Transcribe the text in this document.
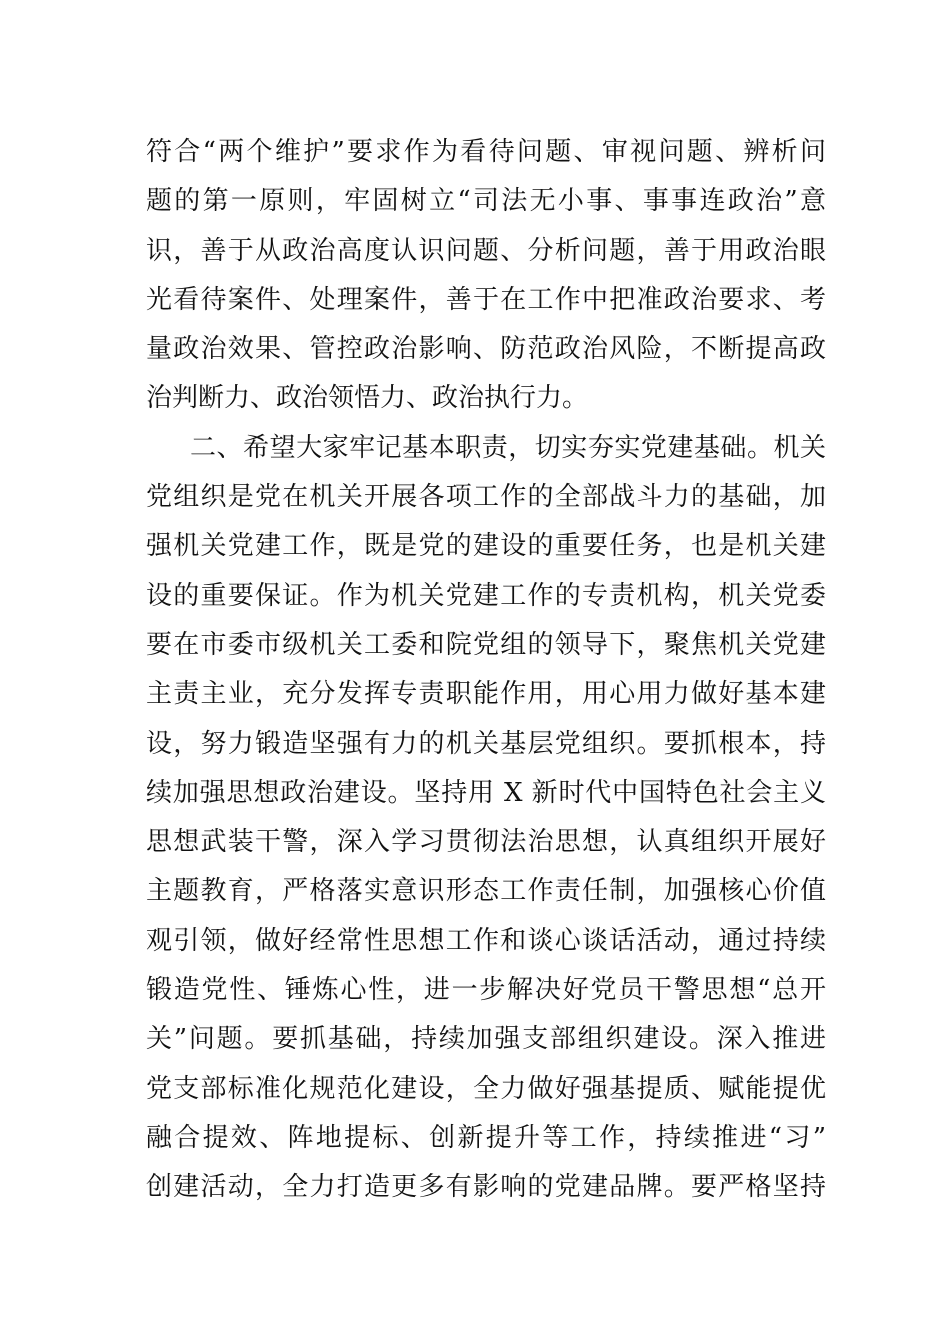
符合“两个维护”要求作为看待问题、审视问题、辨析问
题的第一原则，牢固树立“司法无小事、事事连政治”意
识，善于从政治高度认识问题、分析问题，善于用政治眼
光看待案件、处理案件，善于在工作中把准政治要求、考
量政治效果、管控政治影响、防范政治风险，不断提高政
治判断力、政治领悟力、政治执行力。
二、希望大家牢记基本职责，切实夯实党建基础。机关
党组织是党在机关开展各项工作的全部战斗力的基础，加
强机关党建工作，既是党的建设的重要任务，也是机关建
设的重要保证。作为机关党建工作的专责机构，机关党委
要在市委市级机关工委和院党组的领导下，聚焦机关党建
主责主业，充分发挥专责职能作用，用心用力做好基本建
设，努力锻造坚强有力的机关基层党组织。要抓根本，持
续加强思想政治建设。坚持用 X 新时代中国特色社会主义
思想武装干警，深入学习贯彻法治思想，认真组织开展好
主题教育，严格落实意识形态工作责任制，加强核心价值
观引领，做好经常性思想工作和谈心谈话活动，通过持续
锻造党性、锤炼心性，进一步解决好党员干警思想“总开
关”问题。要抓基础，持续加强支部组织建设。深入推进
党支部标准化规范化建设，全力做好强基提质、赋能提优
融合提效、阵地提标、创新提升等工作，持续推进“习”
创建活动，全力打造更多有影响的党建品牌。要严格坚持
